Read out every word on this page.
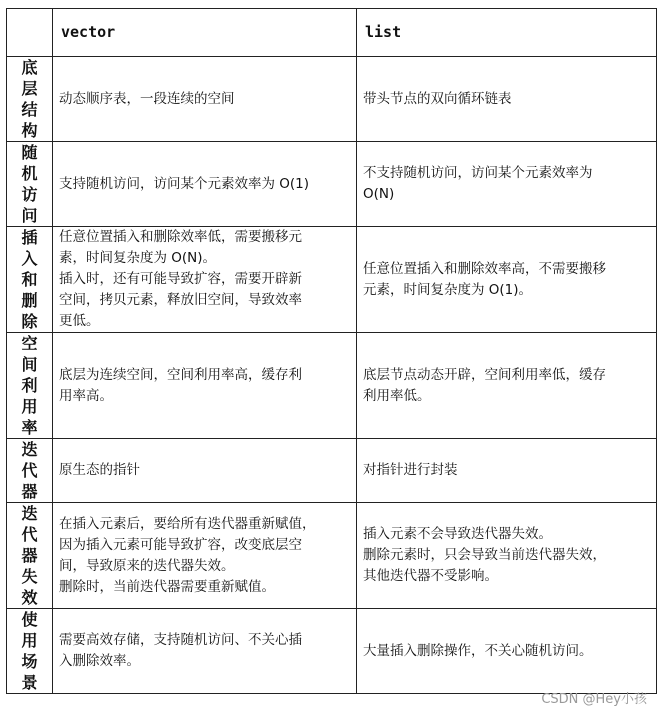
	vector	list

底层结构	动态顺序表，一段连续的空间	带头节点的双向循环链表

随机访问	支持随机访问，访问某个元素效率为 O(1)	不支持随机访问，访问某个元素效率为
O(N)

插入和删除	任意位置插入和删除效率低，需要搬移元
素，时间复杂度为 O(N)。
插入时，还有可能导致扩容，需要开辟新
空间，拷贝元素，释放旧空间，导致效率
更低。	任意位置插入和删除效率高，不需要搬移
元素，时间复杂度为 O(1)。

空间利用率	底层为连续空间，空间利用率高，缓存利
用率高。	底层节点动态开辟，空间利用率低，缓存
利用率低。

迭代器	原生态的指针	对指针进行封装

迭代器失效	在插入元素后，要给所有迭代器重新赋值，
因为插入元素可能导致扩容，改变底层空
间，导致原来的迭代器失效。
删除时，当前迭代器需要重新赋值。	插入元素不会导致迭代器失效。
删除元素时，只会导致当前迭代器失效，
其他迭代器不受影响。

使用场景	需要高效存储，支持随机访问、不关心插
入删除效率。	大量插入删除操作，不关心随机访问。
CSDN @Hey小孩
